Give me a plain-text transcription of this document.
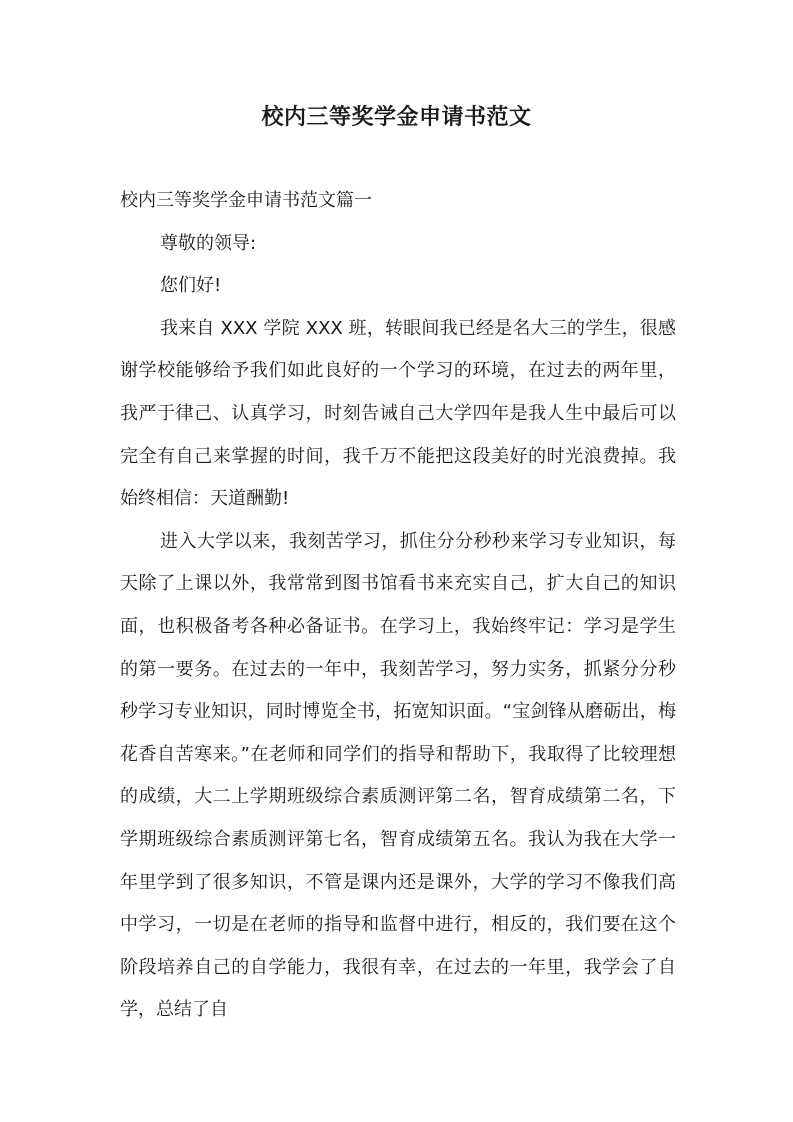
校内三等奖学金申请书范文

校内三等奖学金申请书范文篇一

尊敬的领导:

您们好!

我来自 XXX 学院 XXX 班，转眼间我已经是名大三的学生，很感谢学校能够给予我们如此良好的一个学习的环境，在过去的两年里，我严于律己、认真学习，时刻告诫自己大学四年是我人生中最后可以完全有自己来掌握的时间，我千万不能把这段美好的时光浪费掉。我始终相信：天道酬勤!

进入大学以来，我刻苦学习，抓住分分秒秒来学习专业知识，每天除了上课以外，我常常到图书馆看书来充实自己，扩大自己的知识面，也积极备考各种必备证书。在学习上，我始终牢记：学习是学生的第一要务。在过去的一年中，我刻苦学习，努力实务，抓紧分分秒秒学习专业知识，同时博览全书，拓宽知识面。“宝剑锋从磨砺出，梅花香自苦寒来。”在老师和同学们的指导和帮助下，我取得了比较理想的成绩，大二上学期班级综合素质测评第二名，智育成绩第二名，下学期班级综合素质测评第七名，智育成绩第五名。我认为我在大学一年里学到了很多知识，不管是课内还是课外，大学的学习不像我们高中学习，一切是在老师的指导和监督中进行，相反的，我们要在这个阶段培养自己的自学能力，我很有幸，在过去的一年里，我学会了自学，总结了自
